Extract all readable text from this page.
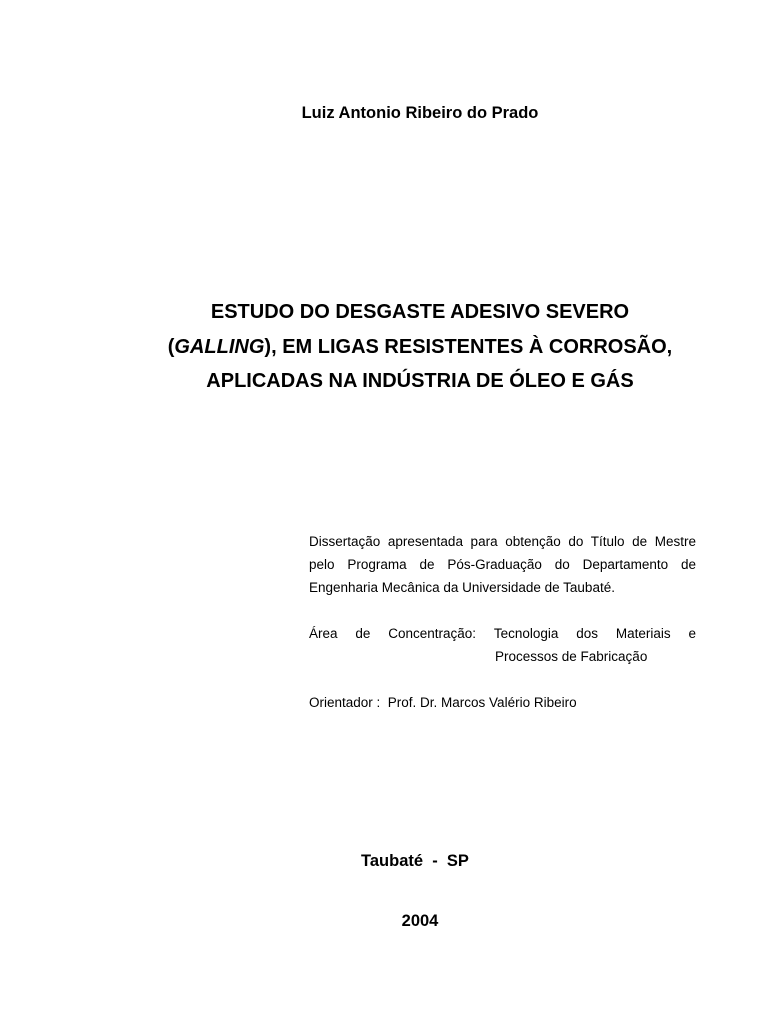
Luiz Antonio Ribeiro do Prado
ESTUDO DO DESGASTE ADESIVO SEVERO
(GALLING), EM LIGAS RESISTENTES À CORROSÃO,
APLICADAS NA INDÚSTRIA DE ÓLEO E GÁS
Dissertação apresentada para obtenção do Título de Mestre pelo Programa de Pós-Graduação do Departamento de Engenharia Mecânica da Universidade de Taubaté.
Área de Concentração: Tecnologia dos Materiais e
Processos de Fabricação
Orientador :  Prof. Dr. Marcos Valério Ribeiro
Taubaté  -  SP
2004
